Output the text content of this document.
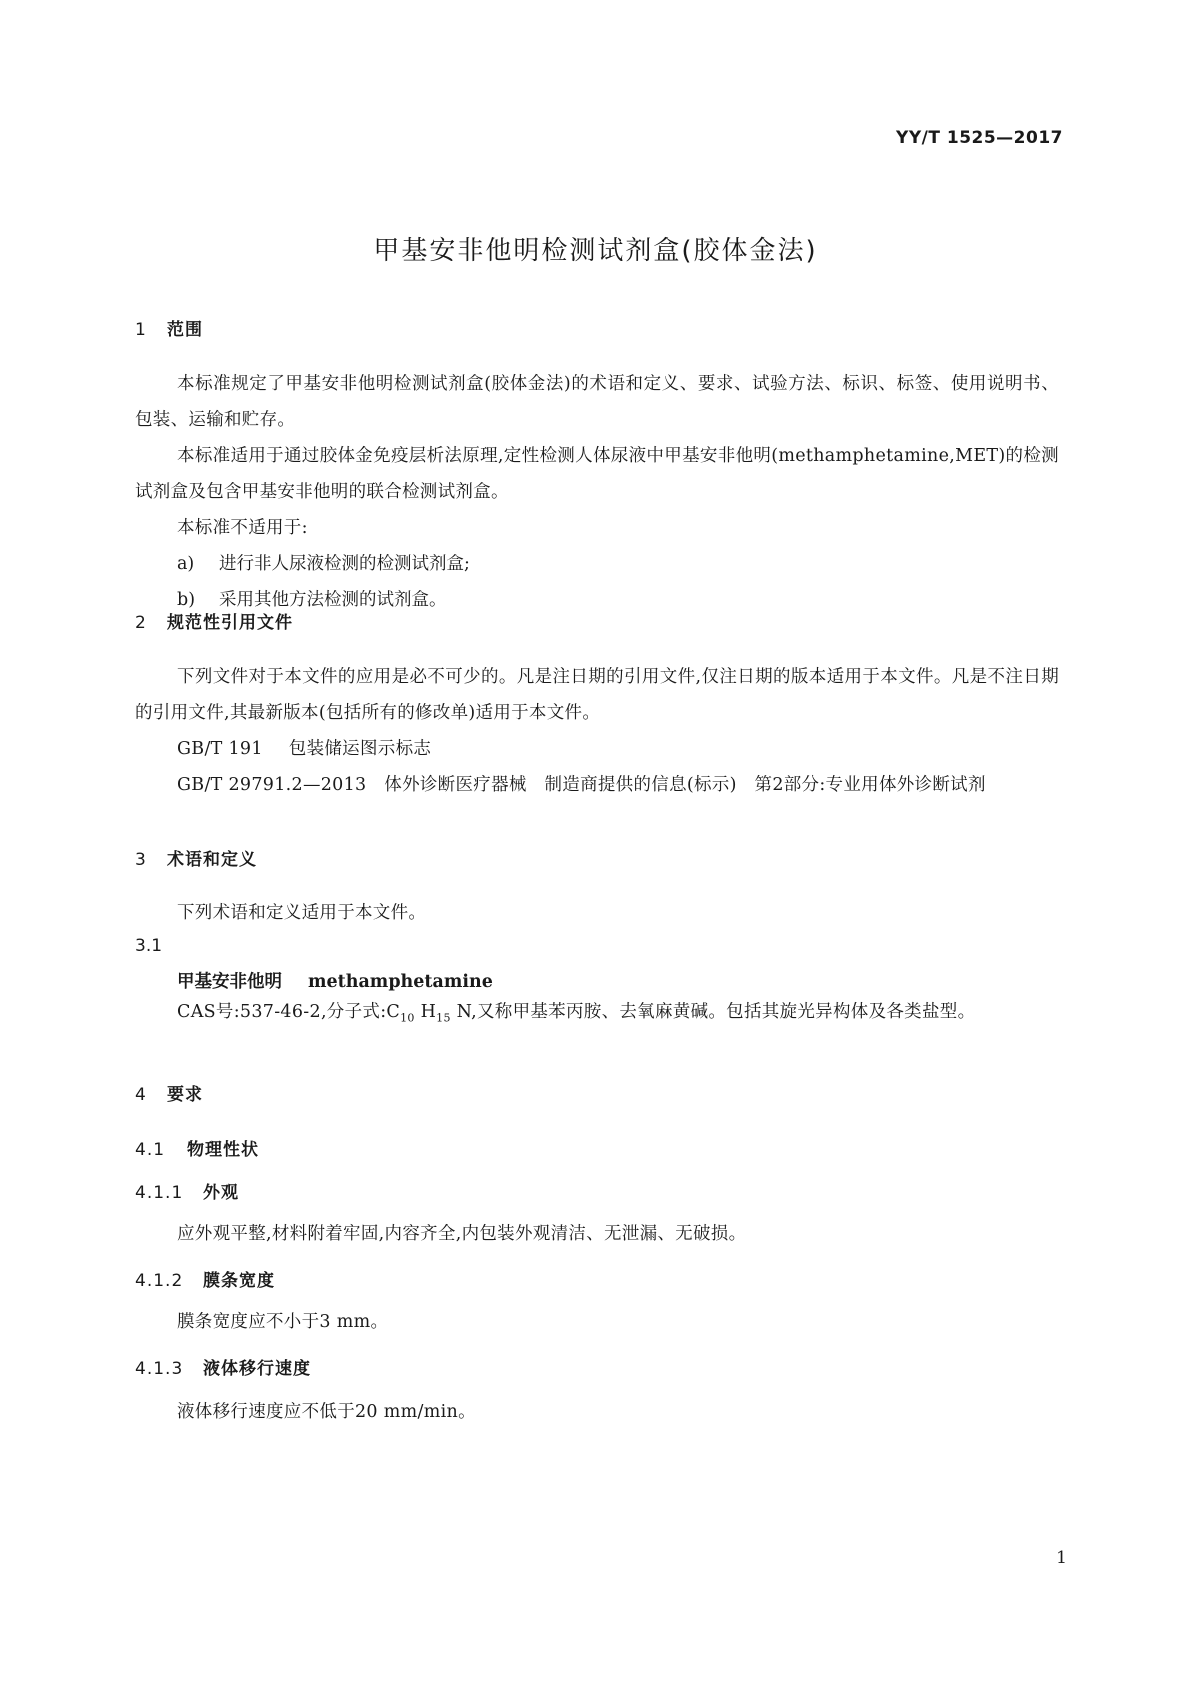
YY/T 1525—2017
甲基安非他明检测试剂盒(胶体金法)
1 范围
本标准规定了甲基安非他明检测试剂盒(胶体金法)的术语和定义、要求、试验方法、标识、标签、使用说明书、包装、运输和贮存。
本标准适用于通过胶体金免疫层析法原理,定性检测人体尿液中甲基安非他明(methamphetamine,MET)的检测试剂盒及包含甲基安非他明的联合检测试剂盒。
本标准不适用于:
a) 进行非人尿液检测的检测试剂盒;
b) 采用其他方法检测的试剂盒。
2 规范性引用文件
下列文件对于本文件的应用是必不可少的。凡是注日期的引用文件,仅注日期的版本适用于本文件。凡是不注日期的引用文件,其最新版本(包括所有的修改单)适用于本文件。
GB/T 191 包装储运图示标志
GB/T 29791.2—2013　体外诊断医疗器械　制造商提供的信息(标示)　第2部分:专业用体外诊断试剂
3 术语和定义
下列术语和定义适用于本文件。
3.1
甲基安非他明 methamphetamine
CAS号:537-46-2,分子式$:C_{10}$ $H_{15}$ N,又称甲基苯丙胺、去氧麻黄碱。包括其旋光异构体及各类盐型。
4 要求
4.1 物理性状
4.1.1 外观
应外观平整,材料附着牢固,内容齐全,内包装外观清洁、无泄漏、无破损。
4.1.2 膜条宽度
膜条宽度应不小于3 mm。
4.1.3 液体移行速度
液体移行速度应不低于20 mm/min。
1
